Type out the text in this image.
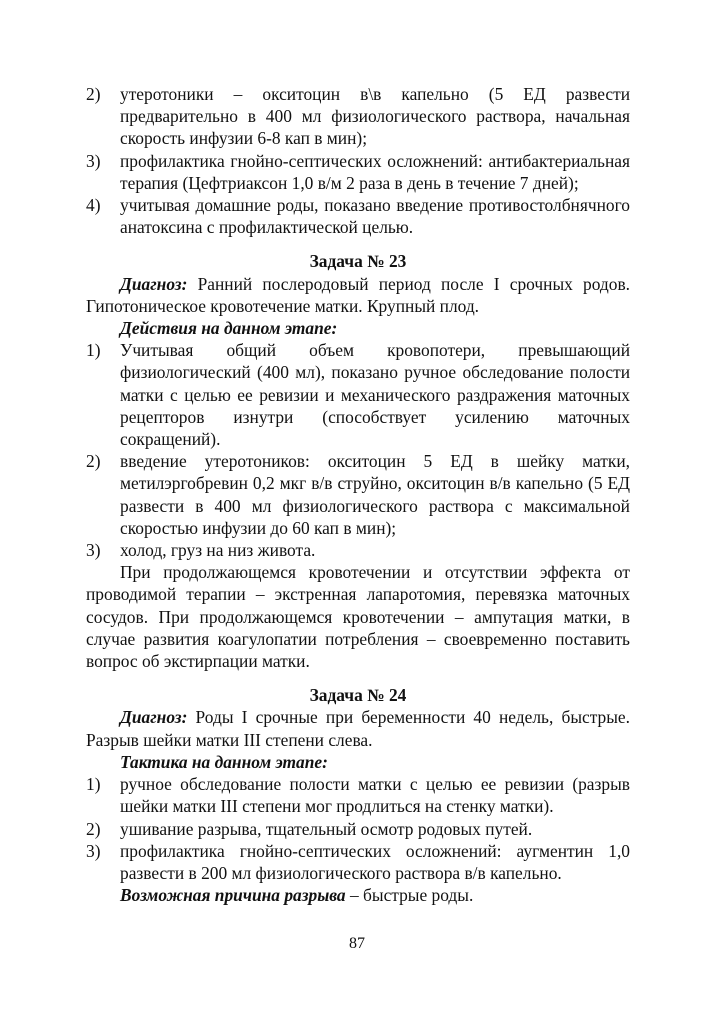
2) утеротоники – окситоцин в\в капельно (5 ЕД развести предварительно в 400 мл физиологического раствора, начальная скорость инфузии 6-8 кап в мин);
3) профилактика гнойно-септических осложнений: антибактериальная терапия (Цефтриаксон 1,0 в/м 2 раза в день в течение 7 дней);
4) учитывая домашние роды, показано введение противостолбнячного анатоксина с профилактической целью.

Задача № 23

Диагноз: Ранний послеродовый период после I срочных родов. Гипотоническое кровотечение матки. Крупный плод.

Действия на данном этапе:

1) Учитывая общий объем кровопотери, превышающий физиологический (400 мл), показано ручное обследование полости матки с целью ее ревизии и механического раздражения маточных рецепторов изнутри (способствует усилению маточных сокращений).
2) введение утеротоников: окситоцин 5 ЕД в шейку матки, метилэргобревин 0,2 мкг в/в струйно, окситоцин в/в капельно (5 ЕД развести в 400 мл физиологического раствора с максимальной скоростью инфузии до 60 кап в мин);
3) холод, груз на низ живота.

При продолжающемся кровотечении и отсутствии эффекта от проводимой терапии – экстренная лапаротомия, перевязка маточных сосудов. При продолжающемся кровотечении – ампутация матки, в случае развития коагулопатии потребления – своевременно поставить вопрос об экстирпации матки.

Задача № 24

Диагноз: Роды I срочные при беременности 40 недель, быстрые. Разрыв шейки матки III степени слева.

Тактика на данном этапе:

1) ручное обследование полости матки с целью ее ревизии (разрыв шейки матки III степени мог продлиться на стенку матки).
2) ушивание разрыва, тщательный осмотр родовых путей.
3) профилактика гнойно-септических осложнений: аугментин 1,0 развести в 200 мл физиологического раствора в/в капельно.

Возможная причина разрыва – быстрые роды.

87
